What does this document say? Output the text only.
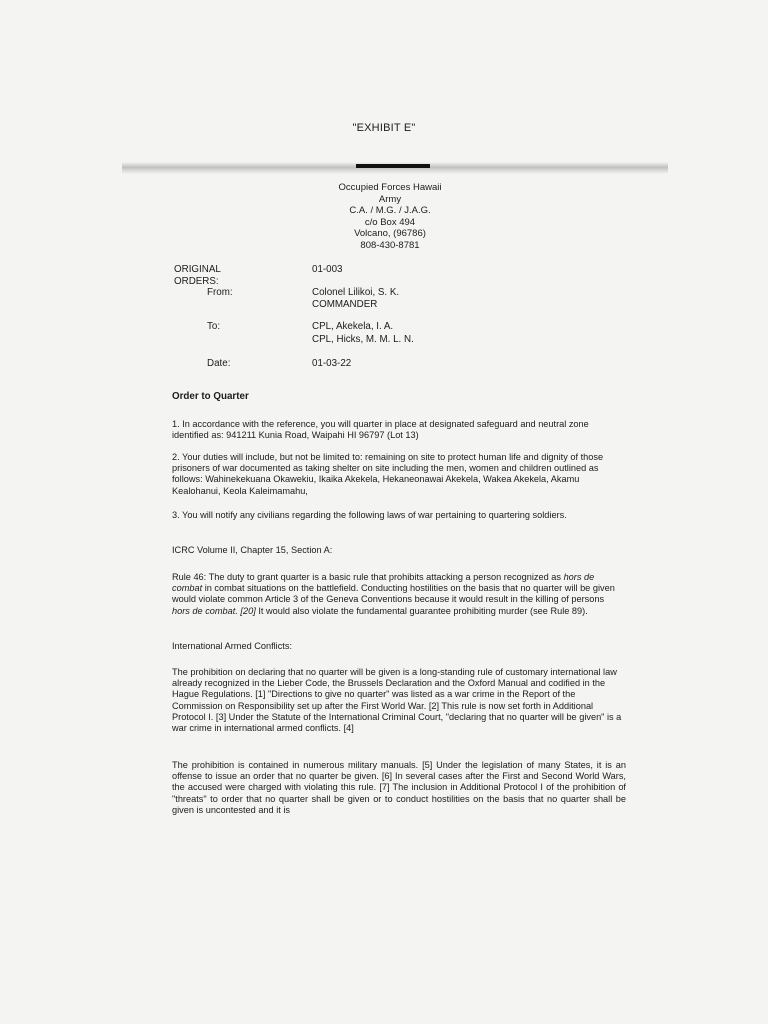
"EXHIBIT E"
Occupied Forces Hawaii
Army
C.A. / M.G. / J.A.G.
c/o Box 494
Volcano, (96786)
808-430-8781
ORIGINAL ORDERS:
01-003
From:	Colonel Lilikoi, S. K.
COMMANDER
To:	CPL, Akekela, I. A.
CPL, Hicks, M. M. L. N.
Date:	01-03-22
Order to Quarter
1. In accordance with the reference, you will quarter in place at designated safeguard and neutral zone identified as: 941211 Kunia Road, Waipahi HI 96797 (Lot 13)
2. Your duties will include, but not be limited to: remaining on site to protect human life and dignity of those prisoners of war documented as taking shelter on site including the men, women and children outlined as follows: Wahinekekuana Okawekiu, Ikaika Akekela, Hekaneonawai Akekela, Wakea Akekela, Akamu Kealohanui, Keola Kaleimamahu,
3. You will notify any civilians regarding the following laws of war pertaining to quartering soldiers.
ICRC Volume II, Chapter 15, Section A:
Rule 46: The duty to grant quarter is a basic rule that prohibits attacking a person recognized as hors de combat in combat situations on the battlefield. Conducting hostilities on the basis that no quarter will be given would violate common Article 3 of the Geneva Conventions because it would result in the killing of persons hors de combat. [20] It would also violate the fundamental guarantee prohibiting murder (see Rule 89).
International Armed Conflicts:
The prohibition on declaring that no quarter will be given is a long-standing rule of customary international law already recognized in the Lieber Code, the Brussels Declaration and the Oxford Manual and codified in the Hague Regulations. [1] "Directions to give no quarter" was listed as a war crime in the Report of the Commission on Responsibility set up after the First World War. [2] This rule is now set forth in Additional Protocol I. [3] Under the Statute of the International Criminal Court, "declaring that no quarter will be given" is a war crime in international armed conflicts. [4]
The prohibition is contained in numerous military manuals. [5] Under the legislation of many States, it is an offense to issue an order that no quarter be given. [6] In several cases after the First and Second World Wars, the accused were charged with violating this rule. [7] The inclusion in Additional Protocol I of the prohibition of "threats" to order that no quarter shall be given or to conduct hostilities on the basis that no quarter shall be given is uncontested and it is
